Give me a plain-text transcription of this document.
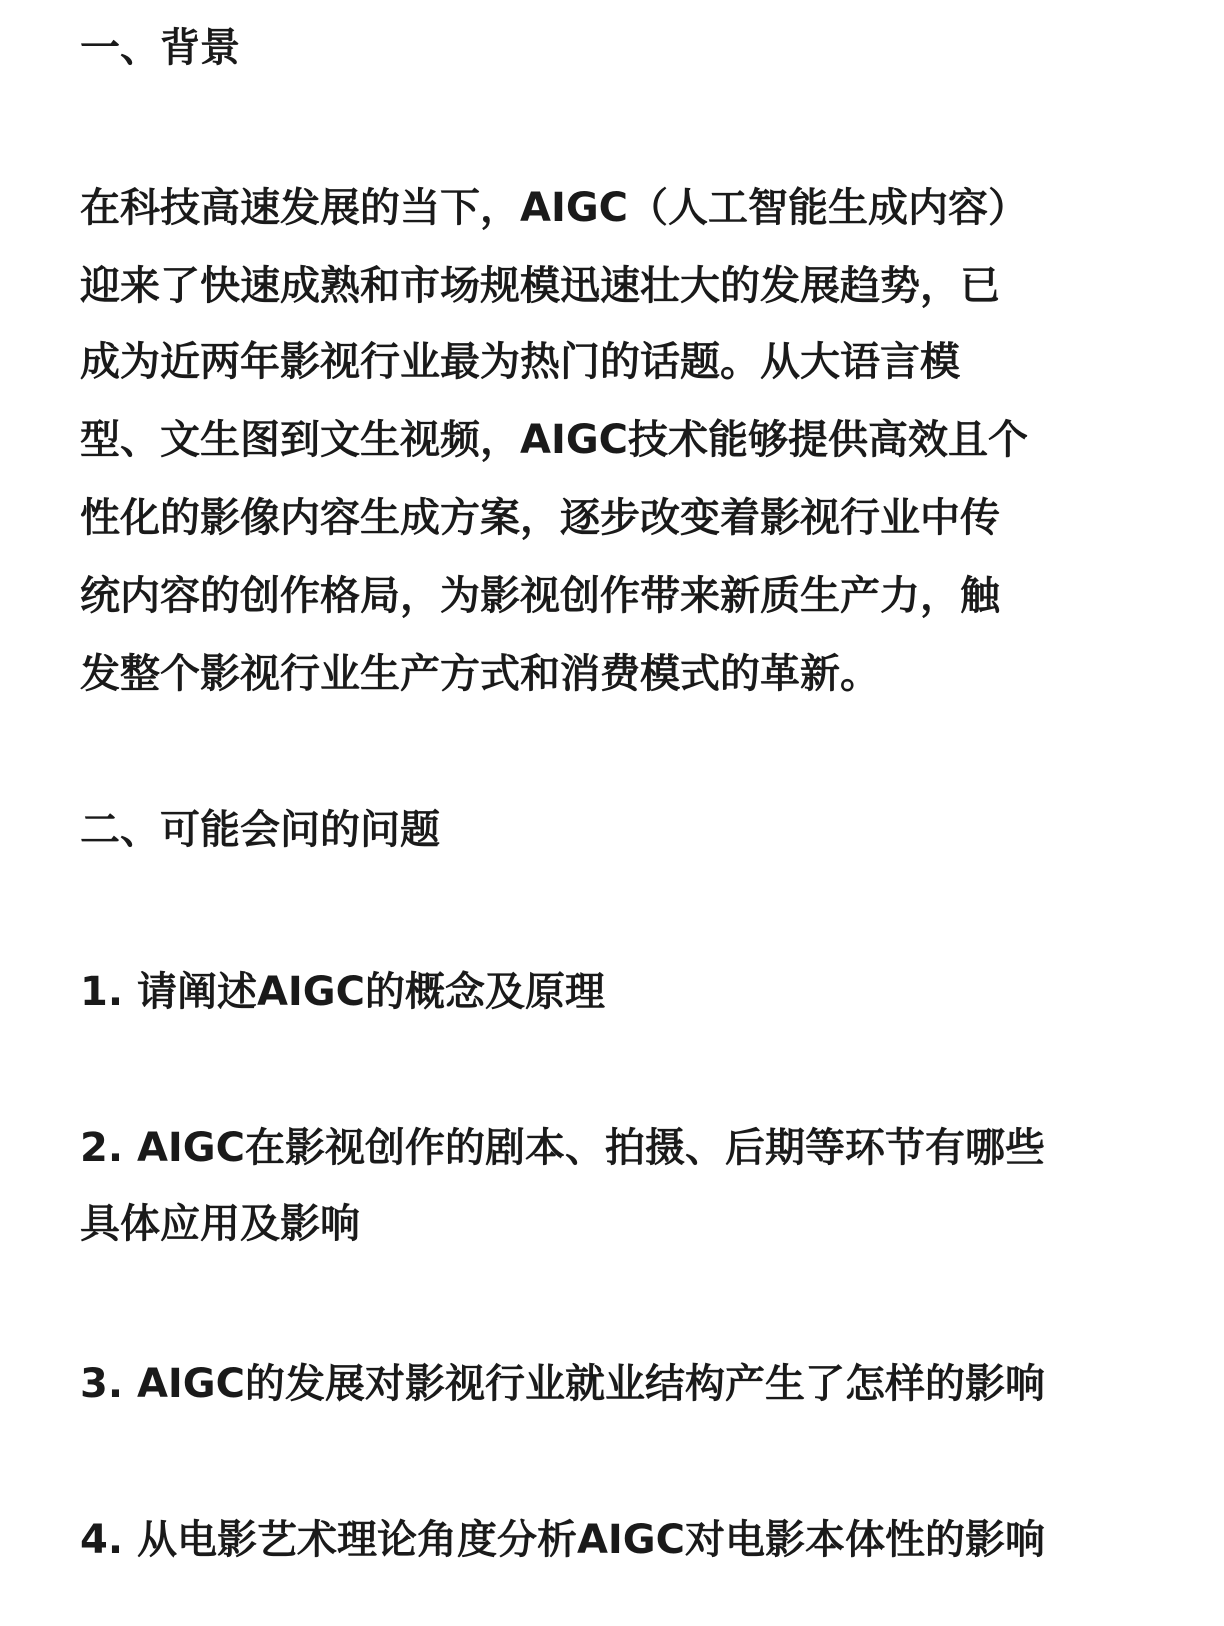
一、背景
在科技高速发展的当下，AIGC（人工智能生成内容）
迎来了快速成熟和市场规模迅速壮大的发展趋势，已
成为近两年影视行业最为热门的话题。从大语言模
型、文生图到文生视频，AIGC技术能够提供高效且个
性化的影像内容生成方案，逐步改变着影视行业中传
统内容的创作格局，为影视创作带来新质生产力，触
发整个影视行业生产方式和消费模式的革新。
二、可能会问的问题
1. 请阐述AIGC的概念及原理
2. AIGC在影视创作的剧本、拍摄、后期等环节有哪些
具体应用及影响
3. AIGC的发展对影视行业就业结构产生了怎样的影响
4. 从电影艺术理论角度分析AIGC对电影本体性的影响
